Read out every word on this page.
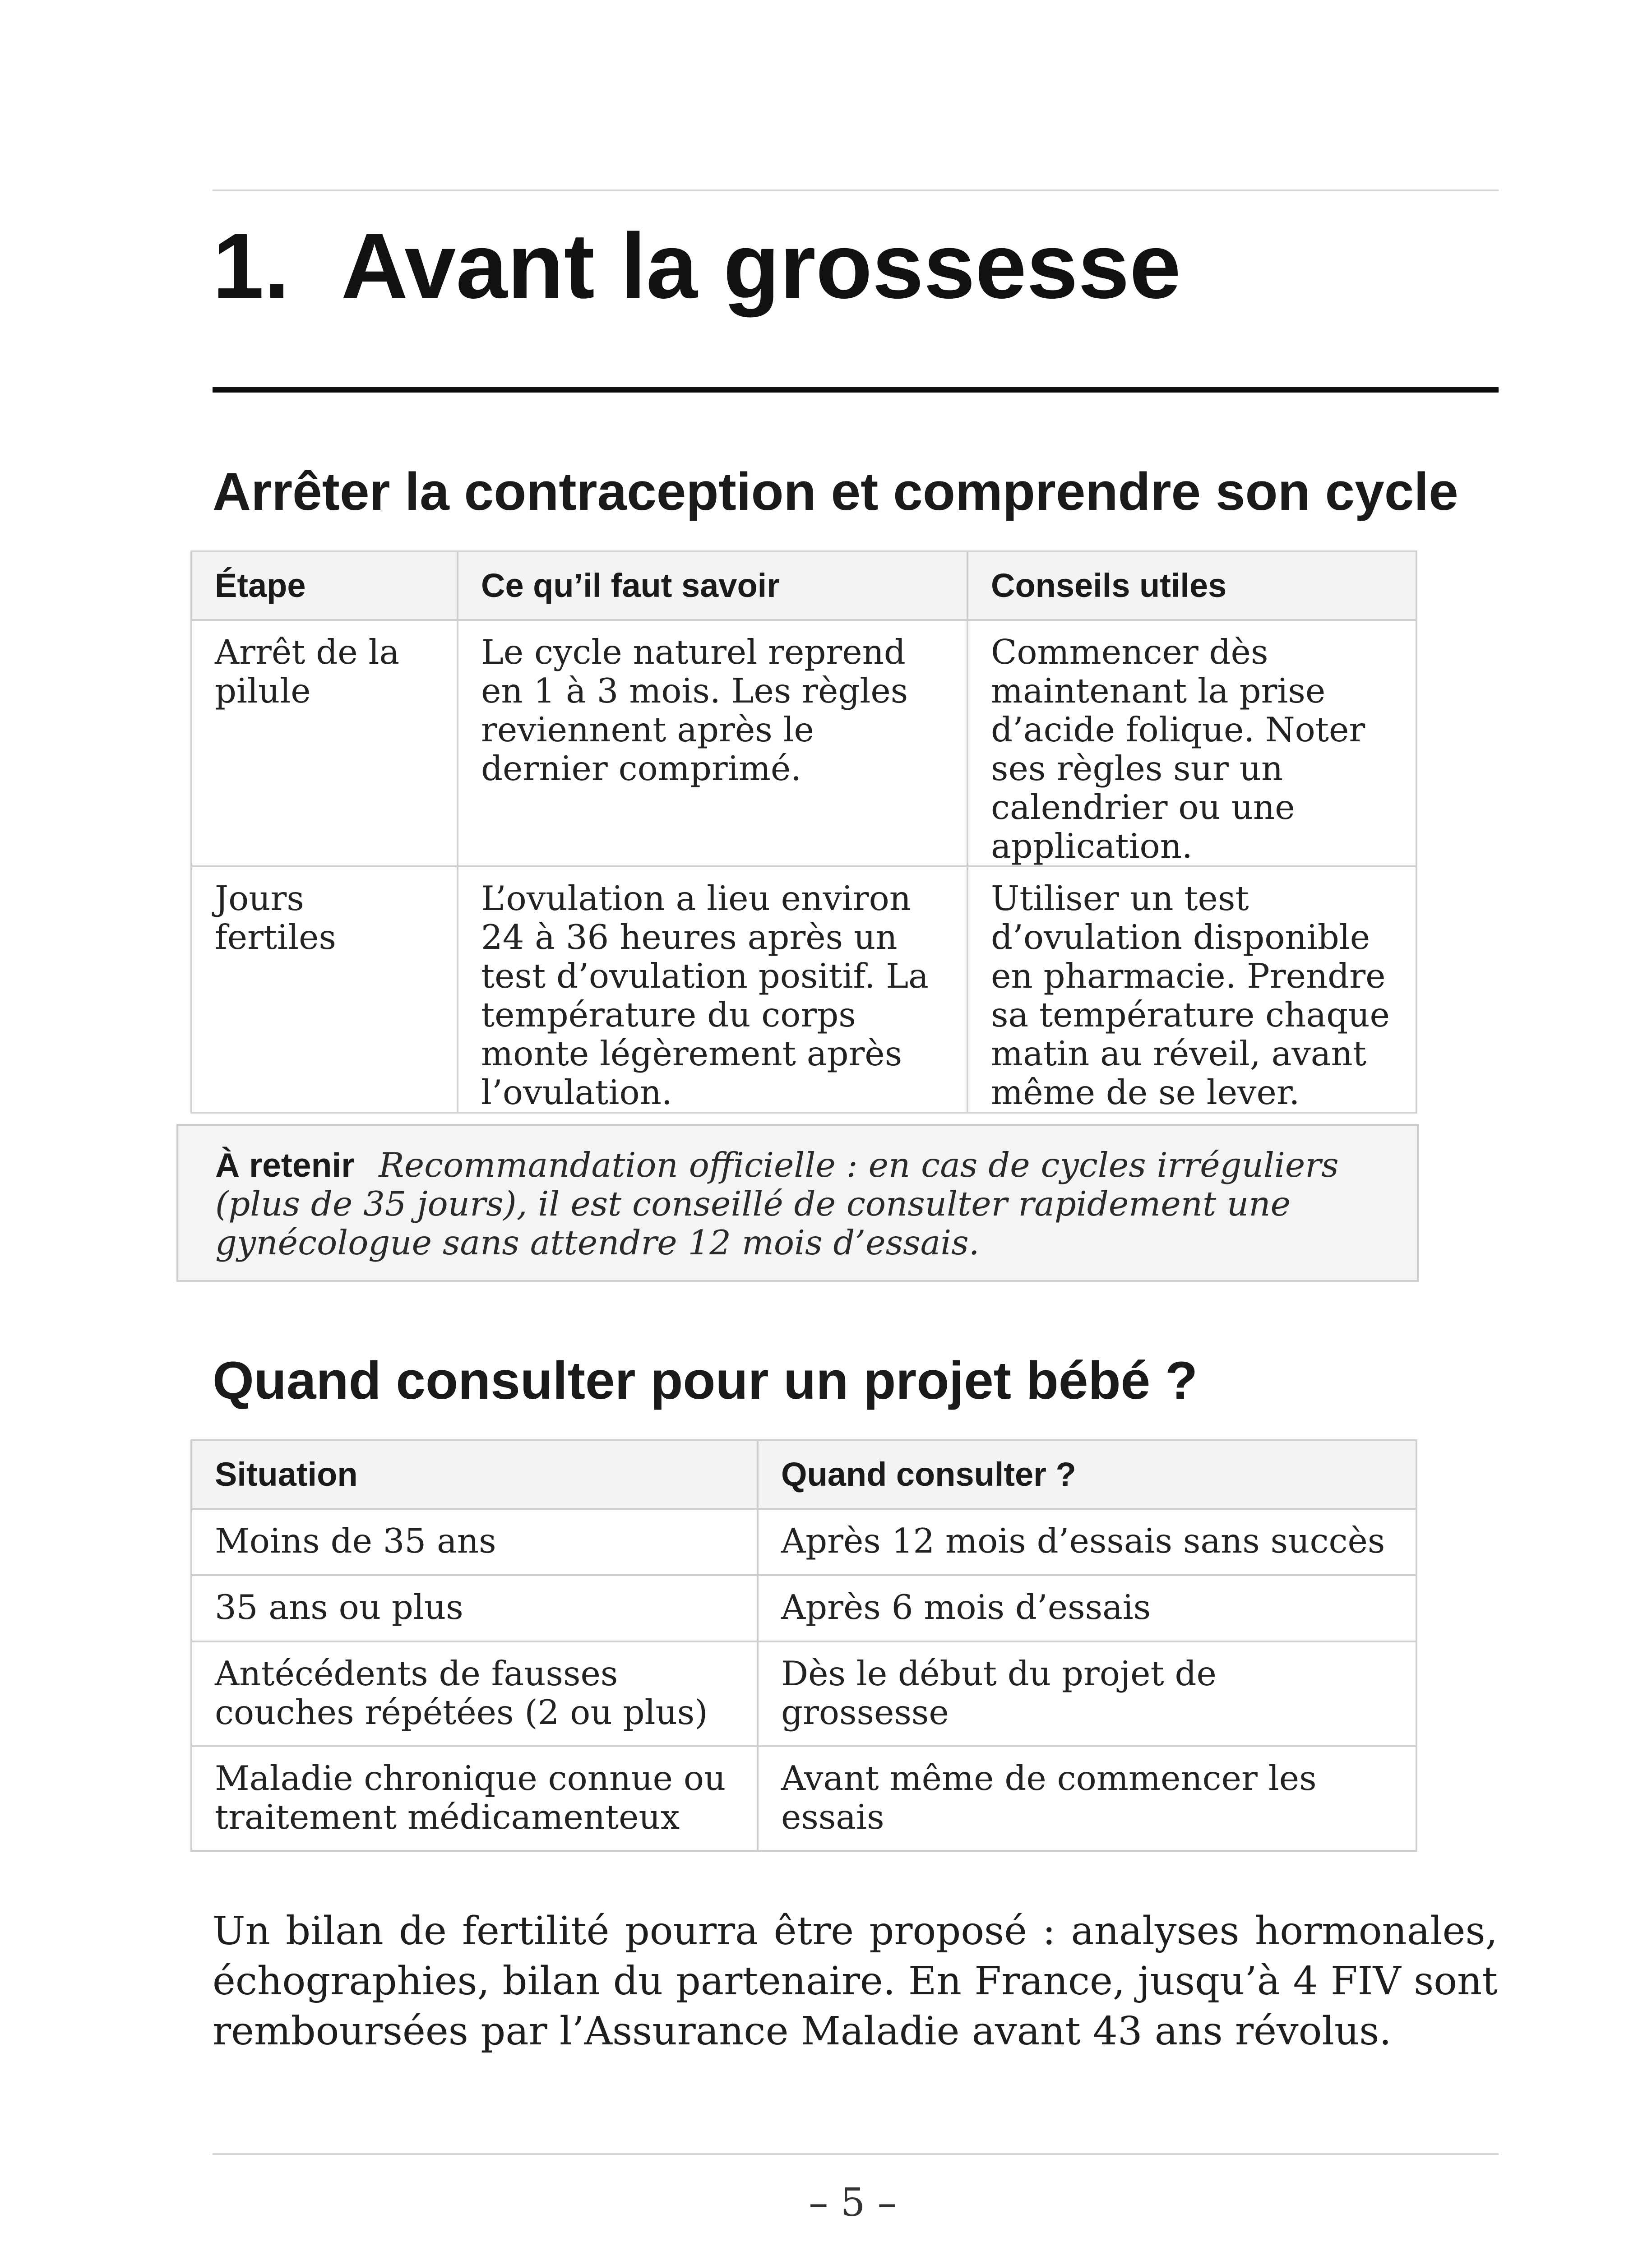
1. Avant la grossesse
Arrêter la contraception et comprendre son cycle
Étape	Ce qu’il faut savoir	Conseils utiles
Arrêt de la pilule	Le cycle naturel reprend en 1 à 3 mois. Les règles reviennent après le dernier comprimé.	Commencer dès maintenant la prise d’acide folique. Noter ses règles sur un calendrier ou une application.
Jours fertiles	L’ovulation a lieu environ 24 à 36 heures après un test d’ovulation positif. La température du corps monte légèrement après l’ovulation.	Utiliser un test d’ovulation disponible en pharmacie. Prendre sa température chaque matin au réveil, avant même de se lever.
À retenir Recommandation officielle : en cas de cycles irréguliers (plus de 35 jours), il est conseillé de consulter rapidement une gynécologue sans attendre 12 mois d’essais.
Quand consulter pour un projet bébé ?
Situation	Quand consulter ?
Moins de 35 ans	Après 12 mois d’essais sans succès
35 ans ou plus	Après 6 mois d’essais
Antécédents de fausses couches répétées (2 ou plus)	Dès le début du projet de grossesse
Maladie chronique connue ou traitement médicamenteux	Avant même de commencer les essais

Un bilan de fertilité pourra être proposé : analyses hormonales, échographies, bilan du partenaire. En France, jusqu’à 4 FIV sont remboursées par l’Assurance Maladie avant 43 ans révolus.

– 5 –
